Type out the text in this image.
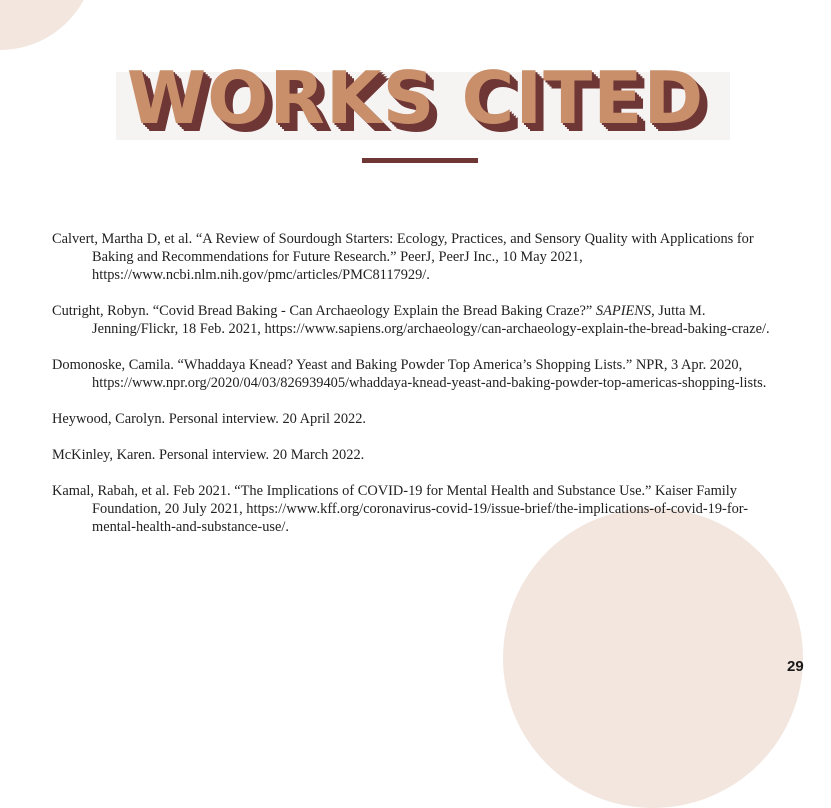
WORKS CITED
Calvert, Martha D, et al. “A Review of Sourdough Starters: Ecology, Practices, and Sensory Quality with Applications for Baking and Recommendations for Future Research.” PeerJ, PeerJ Inc., 10 May 2021, https://www.ncbi.nlm.nih.gov/pmc/articles/PMC8117929/.
Cutright, Robyn. “Covid Bread Baking - Can Archaeology Explain the Bread Baking Craze?” SAPIENS, Jutta M. Jenning/Flickr, 18 Feb. 2021, https://www.sapiens.org/archaeology/can-archaeology-explain-the-bread-baking-craze/.
Domonoske, Camila. “Whaddaya Knead? Yeast and Baking Powder Top America’s Shopping Lists.” NPR, 3 Apr. 2020, https://www.npr.org/2020/04/03/826939405/whaddaya-knead-yeast-and-baking-powder-top-americas-shopping-lists.
Heywood, Carolyn. Personal interview. 20 April 2022.
McKinley, Karen. Personal interview. 20 March 2022.
Kamal, Rabah, et al. Feb 2021. “The Implications of COVID-19 for Mental Health and Substance Use.” Kaiser Family Foundation, 20 July 2021, https://www.kff.org/coronavirus-covid-19/issue-brief/the-implications-of-covid-19-for-mental-health-and-substance-use/.
29
